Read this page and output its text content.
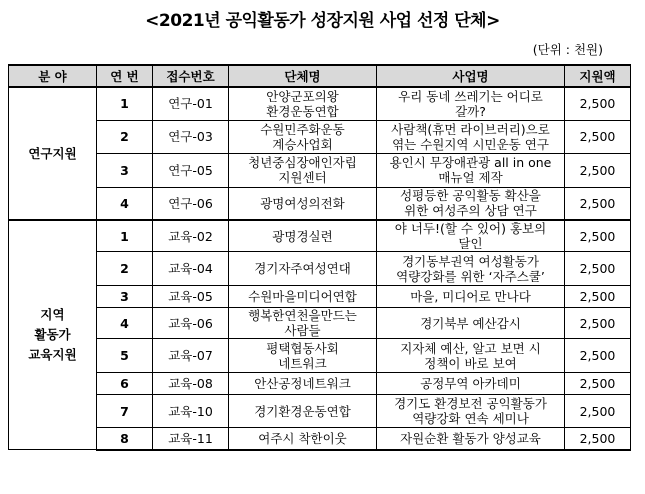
<2021년 공익활동가 성장지원 사업 선정 단체>
(단위 : 천원)
분 야	연 번	접수번호	단체명	사업명	지원액
연구지원	1	연구-01	안양군포의왕
환경운동연합	우리 동네 쓰레기는 어디로
갈까?	2,500
	2	연구-03	수원민주화운동
계승사업회	사람책(휴먼 라이브러리)으로
엮는 수원지역 시민운동 연구	2,500
	3	연구-05	청년중심장애인자립
지원센터	용인시 무장애관광 all in one
매뉴얼 제작	2,500
	4	연구-06	광명여성의전화	성평등한 공익활동 확산을
위한 여성주의 상담 연구	2,500
지역
활동가
교육지원	1	교육-02	광명경실련	야 너두!(할 수 있어) 홍보의
달인	2,500
	2	교육-04	경기자주여성연대	경기동부권역 여성활동가
역량강화를 위한 ‘자주스쿨’	2,500
	3	교육-05	수원마을미디어연합	마을, 미디어로 만나다	2,500
	4	교육-06	행복한연천을만드는
사람들	경기북부 예산감시	2,500
	5	교육-07	평택협동사회
네트워크	지자체 예산, 알고 보면 시
정책이 바로 보여	2,500
	6	교육-08	안산공정네트워크	공정무역 아카데미	2,500
	7	교육-10	경기환경운동연합	경기도 환경보전 공익활동가
역량강화 연속 세미나	2,500
	8	교육-11	여주시 착한이웃	자원순환 활동가 양성교육	2,500
